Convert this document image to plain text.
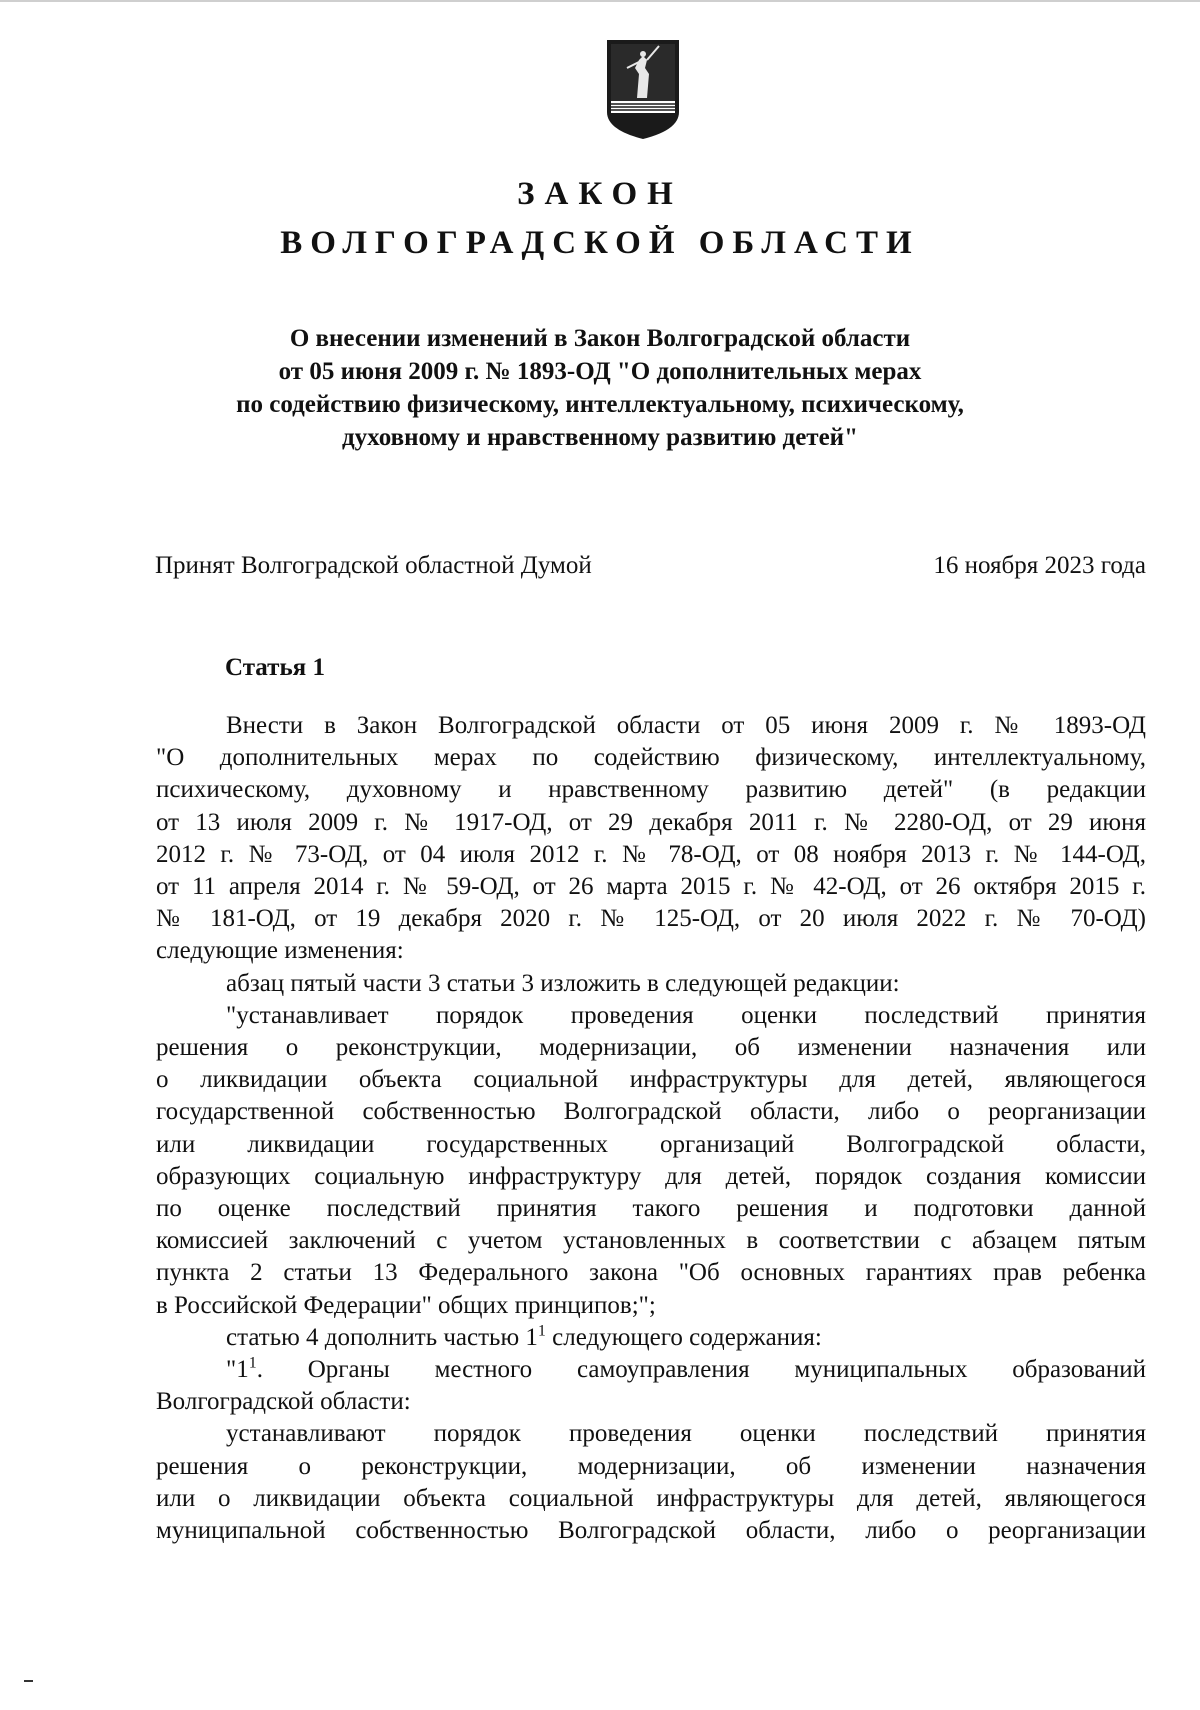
ЗАКОН
ВОЛГОГРАДСКОЙ ОБЛАСТИ
О внесении изменений в Закон Волгоградской области
от 05 июня 2009 г. № 1893-ОД "О дополнительных мерах
по содействию физическому, интеллектуальному, психическому,
духовному и нравственному развитию детей"
Принят Волгоградской областной Думой	16 ноября 2023 года
Статья 1
Внести в Закон Волгоградской области от 05 июня 2009 г. № 1893-ОД
"О дополнительных мерах по содействию физическому, интеллектуальному,
психическому, духовному и нравственному развитию детей" (в редакции
от 13 июля 2009 г. № 1917-ОД, от 29 декабря 2011 г. № 2280-ОД, от 29 июня
2012 г. № 73-ОД, от 04 июля 2012 г. № 78-ОД, от 08 ноября 2013 г. № 144-ОД,
от 11 апреля 2014 г. № 59-ОД, от 26 марта 2015 г. № 42-ОД, от 26 октября 2015 г.
№ 181-ОД, от 19 декабря 2020 г. № 125-ОД, от 20 июля 2022 г. № 70-ОД)
следующие изменения:
абзац пятый части 3 статьи 3 изложить в следующей редакции:
"устанавливает порядок проведения оценки последствий принятия
решения о реконструкции, модернизации, об изменении назначения или
о ликвидации объекта социальной инфраструктуры для детей, являющегося
государственной собственностью Волгоградской области, либо о реорганизации
или ликвидации государственных организаций Волгоградской области,
образующих социальную инфраструктуру для детей, порядок создания комиссии
по оценке последствий принятия такого решения и подготовки данной
комиссией заключений с учетом установленных в соответствии с абзацем пятым
пункта 2 статьи 13 Федерального закона "Об основных гарантиях прав ребенка
в Российской Федерации" общих принципов;";
статью 4 дополнить частью $1^1$ следующего содержания:
"$1^1$. Органы местного самоуправления муниципальных образований
Волгоградской области:
устанавливают порядок проведения оценки последствий принятия
решения о реконструкции, модернизации, об изменении назначения
или о ликвидации объекта социальной инфраструктуры для детей, являющегося
муниципальной собственностью Волгоградской области, либо о реорганизации
